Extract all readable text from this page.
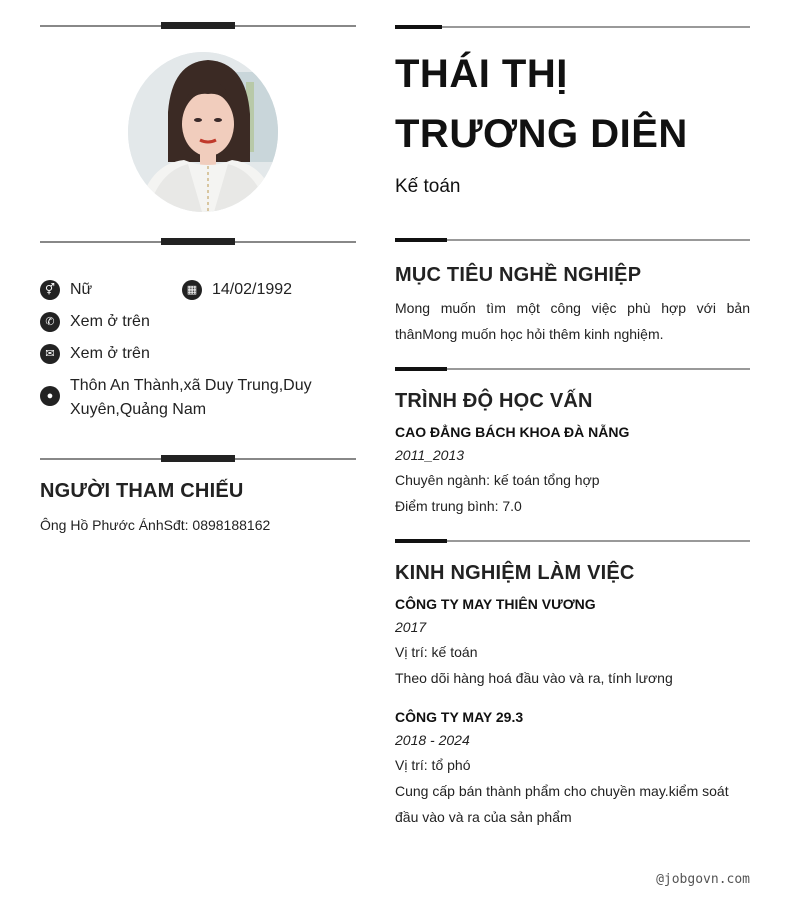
⚥ Nữ	▦ 14/02/1992
✆ Xem ở trên
✉ Xem ở trên
●
Thôn An Thành,xã Duy Trung,Duy Xuyên,Quảng Nam
NGƯỜI THAM CHIẾU
Ông Hồ Phước ÁnhSđt: 0898188162
THÁI THỊ TRƯƠNG DIÊN
Kế toán
MỤC TIÊU NGHỀ NGHIỆP
Mong muốn tìm một công việc phù hợp với bản thânMong muốn học hỏi thêm kinh nghiệm.
TRÌNH ĐỘ HỌC VẤN
CAO ĐẲNG BÁCH KHOA ĐÀ NẴNG
2011_2013
Chuyên ngành: kế toán tổng hợp
Điểm trung bình: 7.0
KINH NGHIỆM LÀM VIỆC
CÔNG TY MAY THIÊN VƯƠNG
2017
Vị trí: kế toán
Theo dõi hàng hoá đầu vào và ra, tính lương
CÔNG TY MAY 29.3
2018 - 2024
Vị trí: tổ phó
Cung cấp bán thành phẩm cho chuyền may.kiểm soát đầu vào và ra của sản phẩm
@jobgovn.com
